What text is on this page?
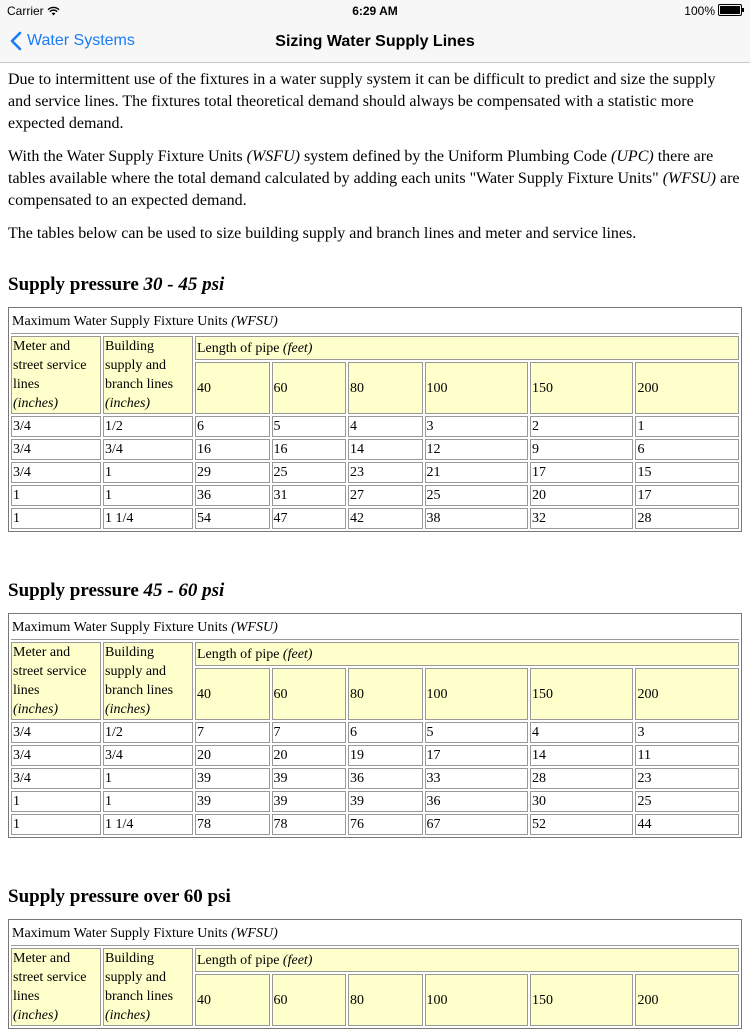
Carrier	6:29 AM	100%
Water Systems	Sizing Water Supply Lines

Due to intermittent use of the fixtures in a water supply system it can be difficult to predict and size the supply and service lines. The fixtures total theoretical demand should always be compensated with a statistic more expected demand.

With the Water Supply Fixture Units (WSFU) system defined by the Uniform Plumbing Code (UPC) there are tables available where the total demand calculated by adding each units "Water Supply Fixture Units" (WFSU) are compensated to an expected demand.

The tables below can be used to size building supply and branch lines and meter and service lines.

Supply pressure 30 - 45 psi
Maximum Water Supply Fixture Units (WFSU)							
Meter and street service lines
(inches)	Building supply and branch lines
(inches)	Length of pipe (feet)					
		40	60	80	100	150	200
3/4	1/2	6	5	4	3	2	1
3/4	3/4	16	16	14	12	9	6
3/4	1	29	25	23	21	17	15
1	1	36	31	27	25	20	17
1	1 1/4	54	47	42	38	32	28
Supply pressure 45 - 60 psi
Maximum Water Supply Fixture Units (WFSU)							
Meter and street service lines
(inches)	Building supply and branch lines
(inches)	Length of pipe (feet)					
		40	60	80	100	150	200
3/4	1/2	7	7	6	5	4	3
3/4	3/4	20	20	19	17	14	11
3/4	1	39	39	36	33	28	23
1	1	39	39	39	36	30	25
1	1 1/4	78	78	76	67	52	44
Supply pressure over 60 psi
Maximum Water Supply Fixture Units (WFSU)							
Meter and street service lines
(inches)	Building supply and branch lines
(inches)	Length of pipe (feet)					
		40	60	80	100	150	200
